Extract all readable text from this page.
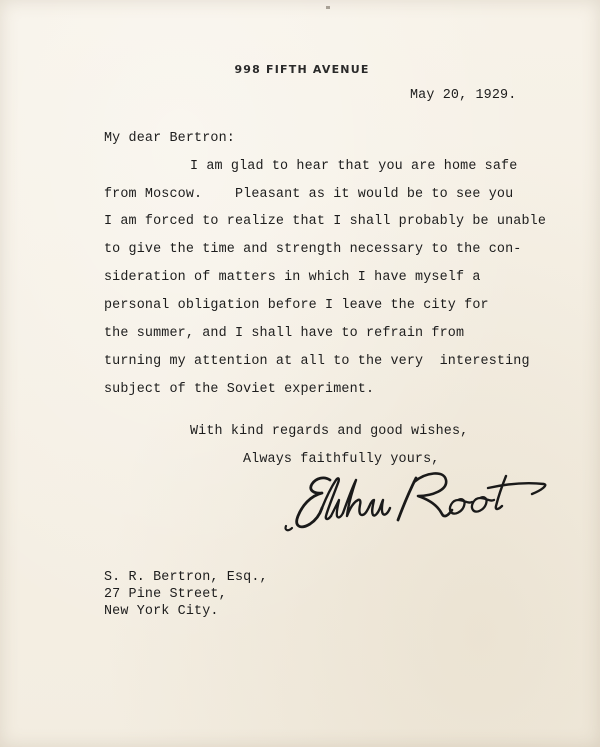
998 FIFTH AVENUE
May 20, 1929.
My dear Bertron:
I am glad to hear that you are home safe
from Moscow.    Pleasant as it would be to see you
I am forced to realize that I shall probably be unable
to give the time and strength necessary to the con-
sideration of matters in which I have myself a
personal obligation before I leave the city for
the summer, and I shall have to refrain from
turning my attention at all to the very  interesting
subject of the Soviet experiment.
With kind regards and good wishes,
Always faithfully yours,
S. R. Bertron, Esq.,
27 Pine Street,
New York City.
